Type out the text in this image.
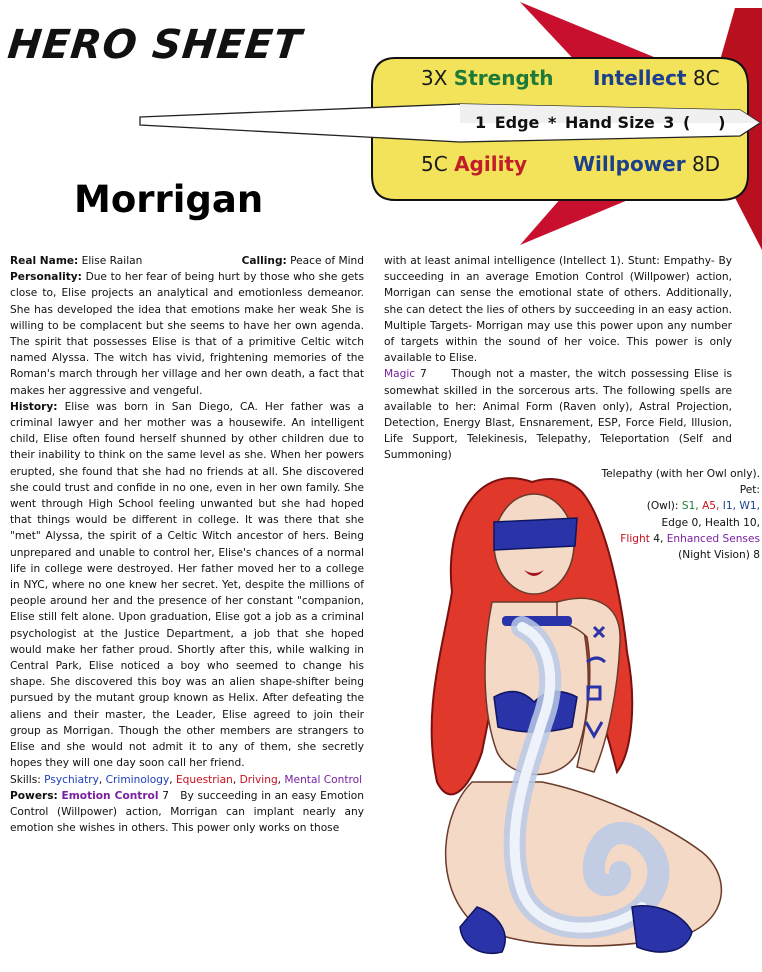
HERO SHEET
Morrigan
3X Strength Intellect 8C
1 Edge * Hand Size 3 (     )
5C Agility Willpower 8D

Real Name: Elise Railan	Calling: Peace of Mind

Personality: Due to her fear of being hurt by those who she gets close to, Elise projects an analytical and emotionless demeanor. She has developed the idea that emotions make her weak She is willing to be complacent but she seems to have her own agenda. The spirit that possesses Elise is that of a primitive Celtic witch named Alyssa. The witch has vivid, frightening memories of the Roman's march through her village and her own death, a fact that makes her aggressive and vengeful.

History: Elise was born in San Diego, CA. Her father was a criminal lawyer and her mother was a housewife. An intelligent child, Elise often found herself shunned by other children due to their inability to think on the same level as she. When her powers erupted, she found that she had no friends at all. She discovered she could trust and confide in no one, even in her own family. She went through High School feeling unwanted but she had hoped that things would be different in college. It was there that she "met" Alyssa, the spirit of a Celtic Witch ancestor of hers. Being unprepared and unable to control her, Elise's chances of a normal life in college were destroyed. Her father moved her to a college in NYC, where no one knew her secret. Yet, despite the millions of people around her and the presence of her constant "companion, Elise still felt alone. Upon graduation, Elise got a job as a criminal psychologist at the Justice Department, a job that she hoped would make her father proud. Shortly after this, while walking in Central Park, Elise noticed a boy who seemed to change his shape. She discovered this boy was an alien shape-shifter being pursued by the mutant group known as Helix. After defeating the aliens and their master, the Leader, Elise agreed to join their group as Morrigan. Though the other members are strangers to Elise and she would not admit it to any of them, she secretly hopes they will one day soon call her friend.

Skills: Psychiatry, Criminology, Equestrian, Driving, Mental Control

Powers: Emotion Control 7 By succeeding in an easy Emotion Control (Willpower) action, Morrigan can implant nearly any emotion she wishes in others. This power only works on those

with at least animal intelligence (Intellect 1). Stunt: Empathy- By succeeding in an average Emotion Control (Willpower) action, Morrigan can sense the emotional state of others. Additionally, she can detect the lies of others by succeeding in an easy action. Multiple Targets- Morrigan may use this power upon any number of targets within the sound of her voice. This power is only available to Elise.

Magic 7 Though not a master, the witch possessing Elise is somewhat skilled in the sorcerous arts. The following spells are available to her: Animal Form (Raven only), Astral Projection, Detection, Energy Blast, Ensnarement, ESP, Force Field, Illusion, Life Support, Telekinesis, Telepathy, Teleportation (Self and Summoning)

Telepathy (with her Owl only).

Pet:

(Owl): S1, A5, I1, W1,

Edge 0, Health 10,

Flight 4, Enhanced Senses

(Night Vision) 8
